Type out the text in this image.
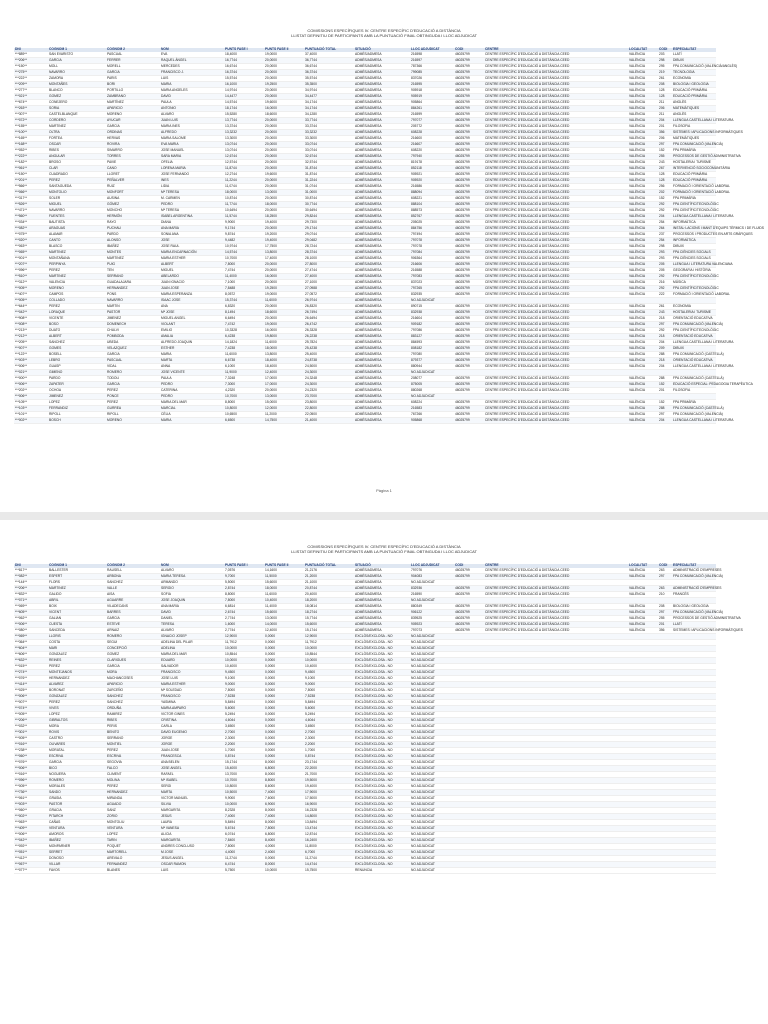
COMISSIONS ESPECÍFIQUES IV. CENTRE ESPECÍFIC D'EDUCACIÓ A DISTÀNCIA
LLISTAT DEFINITIU DE PARTICIPANTS AMB LA PUNTUACIÓ FINAL OBTINGUDA I LLOC ADJUDICAT
DNI	COGNOM 1	COGNOM 2	NOM	PUNTS FASE I	PUNTS FASE II	PUNTUACIÓ TOTAL	SITUACIÓ	LLOC ADJUDICAT	CODI	CENTRE	LOCALITAT	CODI	ESPECIALITAT
***889**	SAN EVARISTO	PASCUAL	EVA	18,4000	19,0000	37,4000	ADMÈS/ADMESA	216598	46025799	CENTRE ESPECÍFIC D'EDUCACIÓ A DISTÀNCIA CEED	VALÈNCIA	203	LLATÍ
***206**	GARCIA	FERRER	RAQUEL ÀNGEL	16,7744	20,0000	36,7744	ADMÈS/ADMESA	216597	46025799	CENTRE ESPECÍFIC D'EDUCACIÓ A DISTÀNCIA CEED	VALÈNCIA	298	DIBUIX
***150**	MOLL	MORELL	MERCEDES	16,6744	20,0000	36,6744	ADMÈS/ADMESA	787366	46025799	CENTRE ESPECÍFIC D'EDUCACIÓ A DISTÀNCIA CEED	VALÈNCIA	295	FPA COMUNICACIÓ (VALENCIÀ/ANGLÈS)
***275**	NAVARRO	GARCIA	FRANCISCO J.	16,3744	20,0000	36,3744	ADMÈS/ADMESA	799085	46025799	CENTRE ESPECÍFIC D'EDUCACIÓ A DISTÀNCIA CEED	VALÈNCIA	219	TECNOLOGIA
***222**	ZAMORA	PARIS	LUIS	15,5744	20,0000	35,5744	ADMÈS/ADMESA	837026	46025799	CENTRE ESPECÍFIC D'EDUCACIÓ A DISTÀNCIA CEED	VALÈNCIA	261	ECONOMIA
***209**	MONTAÑES	BORI	MARIA	16,1000	19,2500	35,3500	ADMÈS/ADMESA	216595	46025799	CENTRE ESPECÍFIC D'EDUCACIÓ A DISTÀNCIA CEED	VALÈNCIA	208	BIOLOGIA I GEOLOGIA
***277**	BLANCO	PORTILLO	MARIA ANGELES	14,9744	20,0000	34,9744	ADMÈS/ADMESA	905918	46025799	CENTRE ESPECÍFIC D'EDUCACIÓ A DISTÀNCIA CEED	VALÈNCIA	128	EDUCACIÓ PRIMÀRIA
***021**	GOMEZ	ZAMBRANO	DAVID	14,4477	20,0000	34,4477	ADMÈS/ADMESA	905919	46025799	CENTRE ESPECÍFIC D'EDUCACIÓ A DISTÀNCIA CEED	VALÈNCIA	128	EDUCACIÓ PRIMÀRIA
***674**	CONEJERO	MARTÍNEZ	PAULA	14,5744	19,6000	34,1744	ADMÈS/ADMESA	905864	46025799	CENTRE ESPECÍFIC D'EDUCACIÓ A DISTÀNCIA CEED	VALÈNCIA	211	ANGLÈS
***263**	SORIA	APARICIO	ANTONIO	18,1744	16,0000	34,1744	ADMÈS/ADMESA	884261	46025799	CENTRE ESPECÍFIC D'EDUCACIÓ A DISTÀNCIA CEED	VALÈNCIA	206	MATEMÀTIQUES
***307**	CASTELBLANQUE	MORENO	ALVARO	15,5280	18,6000	34,1280	ADMÈS/ADMESA	216599	46025799	CENTRE ESPECÍFIC D'EDUCACIÓ A DISTÀNCIA CEED	VALÈNCIA	211	ANGLÈS
***072**	CORDERO	AYUCAR	JUAN LUIS	13,7744	20,0000	33,7744	ADMÈS/ADMESA	797077	46025799	CENTRE ESPECÍFIC D'EDUCACIÓ A DISTÀNCIA CEED	VALÈNCIA	204	LLENGUA CASTELLANA I LITERATURA
***155**	MARTINEZ	GARCIA	MARIA INES	13,3744	20,0000	33,3744	ADMÈS/ADMESA	205772	46025799	CENTRE ESPECÍFIC D'EDUCACIÓ A DISTÀNCIA CEED	VALÈNCIA	201	FILOSOFIA
***100**	OLTRA	ORDINAS	ALFREDO	13,3232	20,0000	33,3232	ADMÈS/ADMESA	608228	46025799	CENTRE ESPECÍFIC D'EDUCACIÓ A DISTÀNCIA CEED	VALÈNCIA	356	SISTEMES I APLICACIONS INFORMÀTIQUES
***165**	FORTEA	HERVAS	MARIA SALOME	13,3000	20,0000	33,3000	ADMÈS/ADMESA	216600	46025799	CENTRE ESPECÍFIC D'EDUCACIÓ A DISTÀNCIA CEED	VALÈNCIA	206	MATEMÀTIQUES
***168**	OSCAR	ROVIRA	EVA MARIA	13,0744	20,0000	33,0744	ADMÈS/ADMESA	216607	46025799	CENTRE ESPECÍFIC D'EDUCACIÓ A DISTÀNCIA CEED	VALÈNCIA	297	FPA COMUNICACIÓ (VALENCIÀ)
***052**	RIBES	SIMARRO	JOSE MANUEL	13,0744	20,0000	33,0744	ADMÈS/ADMESA	608220	46025799	CENTRE ESPECÍFIC D'EDUCACIÓ A DISTÀNCIA CEED	VALÈNCIA	152	FPA PRIMÀRIA
***222**	ANGULAR	TORRES	SARA MARIA	12,6744	20,0000	32,6744	ADMÈS/ADMESA	797940	46025799	CENTRE ESPECÍFIC D'EDUCACIÓ A DISTÀNCIA CEED	VALÈNCIA	255	PROCESSOS DE GESTIÓ ADMINISTRATIVA
***182**	BROSO	PAVIE	OFELIA	12,5744	20,0000	32,5744	ADMÈS/ADMESA	819178	46025799	CENTRE ESPECÍFIC D'EDUCACIÓ A DISTÀNCIA CEED	VALÈNCIA	243	HOSTALERIA I TURISME
***061**	CLAR	CANO	LORENA MARIA	11,8744	20,0000	31,8744	ADMÈS/ADMESA	852118	46025799	CENTRE ESPECÍFIC D'EDUCACIÓ A DISTÀNCIA CEED	VALÈNCIA	267	INTERVENCIÓ SOCIOCOMUNITÀRIA
***150**	CUADRADO	LLORET	JOSE FERNANDO	12,2744	19,6000	31,8744	ADMÈS/ADMESA	905921	46025799	CENTRE ESPECÍFIC D'EDUCACIÓ A DISTÀNCIA CEED	VALÈNCIA	128	EDUCACIÓ PRIMÀRIA
***201**	PEREZ	PEÑALVER	INES	11,2244	20,0000	31,2244	ADMÈS/ADMESA	905920	46025799	CENTRE ESPECÍFIC D'EDUCACIÓ A DISTÀNCIA CEED	VALÈNCIA	128	EDUCACIÓ PRIMÀRIA
***566**	SANTAGUEDA	RUIZ	LIDIA	11,0744	20,0000	31,0744	ADMÈS/ADMESA	216586	46025799	CENTRE ESPECÍFIC D'EDUCACIÓ A DISTÀNCIA CEED	VALÈNCIA	256	FORMACIÓ I ORIENTACIÓ LABORAL
***066**	MONTOLIO	MONFORT	Mª TERESA	18,0000	13,0000	31,0000	ADMÈS/ADMESA	888094	46025799	CENTRE ESPECÍFIC D'EDUCACIÓ A DISTÀNCIA CEED	VALÈNCIA	202	FORMACIÓ I ORIENTACIÓ LABORAL
***317**	SOLER	AUSINA	M. CARMEN	10,8744	20,0000	30,8744	ADMÈS/ADMESA	608221	46025799	CENTRE ESPECÍFIC D'EDUCACIÓ A DISTÀNCIA CEED	VALÈNCIA	152	FPA PRIMÀRIA
***526**	MIGUEL	GÓMEZ	PEDRO	11,7744	18,0000	30,7744	ADMÈS/ADMESA	888104	46025799	CENTRE ESPECÍFIC D'EDUCACIÓ A DISTÀNCIA CEED	VALÈNCIA	292	FPA CIENTÍFIC/TECNOLÒGIC
***471**	NAVARRO	MONCHO	Mª TERESA	10,6494	20,0000	30,6494	ADMÈS/ADMESA	888573	46025799	CENTRE ESPECÍFIC D'EDUCACIÓ A DISTÀNCIA CEED	VALÈNCIA	292	FPA CIENTÍFIC/TECNOLÒGIC
***560**	FUENTES	HERMÓN	ISABEL ARGENTINA	11,5744	18,2500	29,8244	ADMÈS/ADMESA	852767	46025799	CENTRE ESPECÍFIC D'EDUCACIÓ A DISTÀNCIA CEED	VALÈNCIA	204	LLENGUA CASTELLANA I LITERATURA
***034**	BAUTISTA	RAYO	DIANA	9,9000	19,4000	29,7300	ADMÈS/ADMESA	205025	46025799	CENTRE ESPECÍFIC D'EDUCACIÓ A DISTÀNCIA CEED	VALÈNCIA	254	INFORMÀTICA
***082**	ARAGUAS	PUCHAU	ANA MARIA	9,1744	20,0000	29,1744	ADMÈS/ADMESA	884756	46025799	CENTRE ESPECÍFIC D'EDUCACIÓ A DISTÀNCIA CEED	VALÈNCIA	264	INSTAL·LACIONS I MANT D'EQUIPS TÈRMICS I DE FLUIDS
***075**	ALAMAR	PARDO	SONIA ANA	9,8744	19,2000	29,0744	ADMÈS/ADMESA	797494	46025799	CENTRE ESPECÍFIC D'EDUCACIÓ A DISTÀNCIA CEED	VALÈNCIA	237	PROCESSOS I PRODUCTES EN ARTS GRÀFIQUES
***020**	CANTO	ALONSO	JOSE	9,4482	19,4000	29,0482	ADMÈS/ADMESA	797078	46025799	CENTRE ESPECÍFIC D'EDUCACIÓ A DISTÀNCIA CEED	VALÈNCIA	254	INFORMÀTICA
***063**	BLASCO	IBAÑEZ	JOSE RAUL	10,9744	17,7500	28,7244	ADMÈS/ADMESA	797078	46025799	CENTRE ESPECÍFIC D'EDUCACIÓ A DISTÀNCIA CEED	VALÈNCIA	298	DIBUIX
***065**	MARTINEZ	MONTES	MARIA ENCARNACIÓN	14,5744	13,8000	28,3744	ADMÈS/ADMESA	797084	46025799	CENTRE ESPECÍFIC D'EDUCACIÓ A DISTÀNCIA CEED	VALÈNCIA	293	FPA CIÈNCIES SOCIALS
***001**	MONTAÑANA	MARTINEZ	MARIA ESTHER	10,7000	17,4000	28,1000	ADMÈS/ADMESA	906364	46025799	CENTRE ESPECÍFIC D'EDUCACIÓ A DISTÀNCIA CEED	VALÈNCIA	293	FPA CIÈNCIES SOCIALS
***207**	PERPINYA	PUIG	ALBERT	7,8000	20,0000	27,8000	ADMÈS/ADMESA	216606	46025799	CENTRE ESPECÍFIC D'EDUCACIÓ A DISTÀNCIA CEED	VALÈNCIA	205	LLENGUA I LITERATURA VALENCIANA
***096**	PEREZ	TEN	MIGUEL	7,4744	20,0000	27,4744	ADMÈS/ADMESA	216588	46025799	CENTRE ESPECÍFIC D'EDUCACIÓ A DISTÀNCIA CEED	VALÈNCIA	205	GEOGRAFIA I HISTÒRIA
***510**	MARTINEZ	SERRANO	ABELARDO	11,4000	16,0000	27,4000	ADMÈS/ADMESA	797083	46025799	CENTRE ESPECÍFIC D'EDUCACIÓ A DISTÀNCIA CEED	VALÈNCIA	292	FPA CIENTÍFIC/TECNOLÒGIC
***312**	VALENCIA	GUADALAJARA	JUAN IGNACIO	7,1000	20,0000	27,1000	ADMÈS/ADMESA	837023	46025799	CENTRE ESPECÍFIC D'EDUCACIÓ A DISTÀNCIA CEED	VALÈNCIA	216	MÚSICA
***005**	MORENO	HERNANDEZ	JUAN JOSE	7,8488	19,2500	27,0988	ADMÈS/ADMESA	797265	46025799	CENTRE ESPECÍFIC D'EDUCACIÓ A DISTÀNCIA CEED	VALÈNCIA	292	FPA CIENTÍFIC/TECNOLÒGIC
***407**	CAMPOS	PONS	MARIA ESPERANZA	8,0572	19,0000	27,0572	ADMÈS/ADMESA	832935	46025799	CENTRE ESPECÍFIC D'EDUCACIÓ A DISTÀNCIA CEED	VALÈNCIA	222	FORMACIÓ I ORIENTACIÓ LABORAL
***005**	COLLADO	NAVARRO	ISAAC JOSE	15,3744	11,6000	26,9744	ADMÈS/ADMESA	NO ADJUDICAT					
***644**	PEREZ	MARTIN	ANA	6,8320	20,0000	26,8320	ADMÈS/ADMESA	890715	46025799	CENTRE ESPECÍFIC D'EDUCACIÓ A DISTÀNCIA CEED	VALÈNCIA	261	ECONOMIA
***042**	LORAQUE	PASTOR	Mª JOSE	8,1494	18,6000	26,7494	ADMÈS/ADMESA	832938	46025799	CENTRE ESPECÍFIC D'EDUCACIÓ A DISTÀNCIA CEED	VALÈNCIA	243	HOSTALERIA I TURISME
***908**	VICENTE	JIMENEZ	MIGUEL ANGEL	6,6494	20,0000	26,6494	ADMÈS/ADMESA	216604	46025799	CENTRE ESPECÍFIC D'EDUCACIÓ A DISTÀNCIA CEED	VALÈNCIA	218	ORIENTACIÓ EDUCATIVA
***008**	BOSO	DOMENECH	VIOLANT	7,4742	19,0000	26,4742	ADMÈS/ADMESA	909182	46025799	CENTRE ESPECÍFIC D'EDUCACIÓ A DISTÀNCIA CEED	VALÈNCIA	297	FPA COMUNICACIÓ (VALENCIÀ)
***213**	DUATO	CHULVI	EMILIO	10,3328	16,0000	26,3328	ADMÈS/ADMESA	797086	46025799	CENTRE ESPECÍFIC D'EDUCACIÓ A DISTÀNCIA CEED	VALÈNCIA	292	FPA CIENTÍFIC/TECNOLÒGIC
***212**	ALBERT	POMBODA	AMALIA	6,4238	19,8000	26,2238	ADMÈS/ADMESA	883127	46025799	CENTRE ESPECÍFIC D'EDUCACIÓ A DISTÀNCIA CEED	VALÈNCIA	218	ORIENTACIÓ EDUCATIVA
***205**	SANCHEZ	UBEDA	ALFREDO JOAQUIN	14,1824	11,6000	25,7824	ADMÈS/ADMESA	884593	46025799	CENTRE ESPECÍFIC D'EDUCACIÓ A DISTÀNCIA CEED	VALÈNCIA	204	LLENGUA CASTELLANA I LITERATURA
***007**	GOMES	VELAZQUEZ	ESTHER	7,4238	18,0000	25,4238	ADMÈS/ADMESA	808182	46025799	CENTRE ESPECÍFIC D'EDUCACIÓ A DISTÀNCIA CEED	VALÈNCIA	209	DIBUIX
***122**	BOSELL	GARCIA	MARIA	11,6000	13,8000	25,4000	ADMÈS/ADMESA	797080	46025799	CENTRE ESPECÍFIC D'EDUCACIÓ A DISTÀNCIA CEED	VALÈNCIA	288	FPA COMUNICACIÓ (CASTELLÀ)
***003**	LEBRO	PASCUAL	MARTA	6,6738	18,4000	24,8738	ADMÈS/ADMESA	879377	46025799	CENTRE ESPECÍFIC D'EDUCACIÓ A DISTÀNCIA CEED	VALÈNCIA	218	ORIENTACIÓ EDUCATIVA
***006**	GUASP	VIDAL	ANNA	6,1000	18,4000	24,5000	ADMÈS/ADMESA	880944	46025799	CENTRE ESPECÍFIC D'EDUCACIÓ A DISTÀNCIA CEED	VALÈNCIA	204	LLENGUA CASTELLANA I LITERATURA
***021**	GIMENO	ROMERO	JOSE VICENTE	11,9000	12,4000	24,3000	ADMÈS/ADMESA	NO ADJUDICAT					
***000**	PARDO	TODOLI	PAULA	7,3248	17,0000	24,3248	ADMÈS/ADMESA	208077	46025799	CENTRE ESPECÍFIC D'EDUCACIÓ A DISTÀNCIA CEED	VALÈNCIA	288	FPA COMUNICACIÓ (CASTELLÀ)
***006**	ZAPATER	GARCIA	PEDRO	7,3000	17,0000	24,3000	ADMÈS/ADMESA	875005	46025799	CENTRE ESPECÍFIC D'EDUCACIÓ A DISTÀNCIA CEED	VALÈNCIA	152	EDUCACIÓ ESPECIAL: PEDAGOGIA TERAPÈUTICA
***202**	OCHOA	PEREZ	CATERINA	4,2320	20,0000	24,2320	ADMÈS/ADMESA	880268	46025799	CENTRE ESPECÍFIC D'EDUCACIÓ A DISTÀNCIA CEED	VALÈNCIA	201	FILOSOFIA
***006**	JIMENEZ	PONCE	PEDRO	10,7000	13,0000	23,7000	ADMÈS/ADMESA	NO ADJUDICAT					
***105**	LOPEZ	PEREZ	MARIA DEL MAR	8,8000	15,0000	23,8000	ADMÈS/ADMESA	608224	46025799	CENTRE ESPECÍFIC D'EDUCACIÓ A DISTÀNCIA CEED	VALÈNCIA	152	FPA PRIMÀRIA
***103**	FERRANDIZ	GURREA	MARCIAL	10,8000	12,0000	22,8000	ADMÈS/ADMESA	216583	46025799	CENTRE ESPECÍFIC D'EDUCACIÓ A DISTÀNCIA CEED	VALÈNCIA	288	FPA COMUNICACIÓ (CASTELLÀ)
***101**	RIPOLL	RIPOLL	CÈLIA	10,6500	11,2000	22,0500	ADMÈS/ADMESA	767266	46025799	CENTRE ESPECÍFIC D'EDUCACIÓ A DISTÀNCIA CEED	VALÈNCIA	297	FPA COMUNICACIÓ (VALENCIÀ)
***002**	BOSCH	MORENO	MARIA	6,6500	14,7500	21,4000	ADMÈS/ADMESA	905868	46025799	CENTRE ESPECÍFIC D'EDUCACIÓ A DISTÀNCIA CEED	VALÈNCIA	204	LLENGUA CASTELLANA I LITERATURA
Pàgina 1
COMISSIONS ESPECÍFIQUES IV. CENTRE ESPECÍFIC D'EDUCACIÓ A DISTÀNCIA
LLISTAT DEFINITIU DE PARTICIPANTS AMB LA PUNTUACIÓ FINAL OBTINGUDA I LLOC ADJUDICAT
DNI	COGNOM 1	COGNOM 2	NOM	PUNTS FASE I	PUNTS FASE II	PUNTUACIÓ TOTAL	SITUACIÓ	LLOC ADJUDICAT	CODI	CENTRE	LOCALITAT	CODI	ESPECIALITAT
***817**	BALLESTER	RAUSELL	ALVARO	7,0576	14,1600	21,2176	ADMÈS/ADMESA	797076	46025799	CENTRE ESPECÍFIC D'EDUCACIÓ A DISTÀNCIA CEED	VALÈNCIA	263	ADMINISTRACIÓ D'EMPRESES
***082**	ESPERT	ARBONA	MARIA TERESA	9,7000	11,5000	21,2000	ADMÈS/ADMESA	904083	46025799	CENTRE ESPECÍFIC D'EDUCACIÓ A DISTÀNCIA CEED	VALÈNCIA	297	FPA COMUNICACIÓ (VALENCIÀ)
***144**	FLORS	SANCHEZ	ARMANDO	5,5000	15,6000	21,1000	ADMÈS/ADMESA	NO ADJUDICAT					
***206**	MARTINEZ	VALLE	SERGIO	2,8744	18,0000	20,8744	ADMÈS/ADMESA	832936	46025799	CENTRE ESPECÍFIC D'EDUCACIÓ A DISTÀNCIA CEED	VALÈNCIA	263	ADMINISTRACIÓ D'EMPRESES
***832**	GALIDO	AISA	SOFIA	8,8000	11,6000	20,4000	ADMÈS/ADMESA	216590	46025799	CENTRE ESPECÍFIC D'EDUCACIÓ A DISTÀNCIA CEED	VALÈNCIA	210	FRANCÈS
***071**	ABRIL	AGUARRE	JOSE JOAQUIN	7,8000	10,4000	18,2000	ADMÈS/ADMESA	NO ADJUDICAT					
***069**	BOIX	VILADECANS	ANA MARIA	6,6814	11,4000	18,0814	ADMÈS/ADMESA	880349	46025799	CENTRE ESPECÍFIC D'EDUCACIÓ A DISTÀNCIA CEED	VALÈNCIA	208	BIOLOGIA I GEOLOGIA
***605**	VICENT	BARRES	DAVID	2,6744	15,6000	18,2744	ADMÈS/ADMESA	906122	46025799	CENTRE ESPECÍFIC D'EDUCACIÓ A DISTÀNCIA CEED	VALÈNCIA	297	FPA COMUNICACIÓ (VALENCIÀ)
***062**	GALIAN	GARCIA	DANIEL	2,7744	13,0000	15,7744	ADMÈS/ADMESA	839525	46025799	CENTRE ESPECÍFIC D'EDUCACIÓ A DISTÀNCIA CEED	VALÈNCIA	255	PROCESSOS DE GESTIÓ ADMINISTRATIVA
***006**	CUESTA	ESTEVE	TERESA	1,6000	14,0000	15,6000	ADMÈS/ADMESA	905923	46025799	CENTRE ESPECÍFIC D'EDUCACIÓ A DISTÀNCIA CEED	VALÈNCIA	201	LLATÍ
***080**	SANCEDA	ARNAIZ	ALVARO	2,7744	12,4000	15,1744	ADMÈS/ADMESA	797073	46025799	CENTRE ESPECÍFIC D'EDUCACIÓ A DISTÀNCIA CEED	VALÈNCIA	356	SISTEMES I APLICACIONS INFORMÀTIQUES
***069**	LLORIS	ROMERO	IGNACIO JOSEP	12,9000	0,0000	12,9000	EXCLÒS/EXCLOSA - NO	NO ADJUDICAT					
***364**	COSTA	SEGUI	ADELINA DEL PILAR	11,7912	0,0000	11,7912	EXCLÒS/EXCLOSA - NO	NO ADJUDICAT					
***604**	MARI	CONCEPCIÓ	ADELINA	10,0000	0,0000	10,0000	EXCLÒS/EXCLOSA - NO	NO ADJUDICAT					
***606**	GONZALEZ	GOMEZ	MARIA DEL MAR	10,8544	0,0000	10,8544	EXCLÒS/EXCLOSA - NO	NO ADJUDICAT					
***632**	REINES	CLARIGUES	EDUARD	10,0000	0,0000	10,0000	EXCLÒS/EXCLOSA - NO	NO ADJUDICAT					
***015**	PEREZ	GARCIA	SALVADOR	10,4000	0,0000	10,4000	EXCLÒS/EXCLOSA - NO	NO ADJUDICAT					
***274**	MONTEJANOS	MORA	FRANCISCO	9,4500	0,0000	9,4500	EXCLÒS/EXCLOSA - NO	NO ADJUDICAT					
***076**	HERNANDEZ	MACHANCOSES	JOSE LUIS	9,1000	0,0000	9,1000	EXCLÒS/EXCLOSA - NO	NO ADJUDICAT					
***414**	ALVAREZ	APARICIO	MARIA ESTHER	9,0000	0,0000	9,0000	EXCLÒS/EXCLOSA - NO	NO ADJUDICAT					
***025**	BORONAT	ZARCEÑO	Mª SOLEDAD	7,8000	0,0000	7,8000	EXCLÒS/EXCLOSA - NO	NO ADJUDICAT					
***006**	GONZALEZ	SANCHEZ	FRANCISCO	7,5238	0,0000	7,5238	EXCLÒS/EXCLOSA - NO	NO ADJUDICAT					
***007**	PEREZ	SANCHEZ	YASMINA	5,8494	0,0000	5,8494	EXCLÒS/EXCLOSA - NO	NO ADJUDICAT					
***074**	VIVES	ORDUÑA	MARIA AMPARO	5,6000	0,0000	5,6000	EXCLÒS/EXCLOSA - NO	NO ADJUDICAT					
***005**	LOPEZ	RAMIREZ	VICTOR GINES	5,2494	0,0000	5,2494	EXCLÒS/EXCLOSA - NO	NO ADJUDICAT					
***206**	GIBRALTOS	RIBES	CRISTINA	4,6044	0,0000	4,6044	EXCLÒS/EXCLOSA - NO	NO ADJUDICAT					
***032**	MORA	PERIS	CARLA	3,6500	0,0000	3,6500	EXCLÒS/EXCLOSA - NO	NO ADJUDICAT					
***301**	ROVIS	BENITO	DAVID EUGENIO	2,7000	0,0000	2,7000	EXCLÒS/EXCLOSA - NO	NO ADJUDICAT					
***005**	CASTRO	SERRANO	JORGE	2,3000	0,0000	2,3000	EXCLÒS/EXCLOSA - NO	NO ADJUDICAT					
***016**	OLIVARES	MONTIEL	JORGE	2,2000	0,0000	2,2000	EXCLÒS/EXCLOSA - NO	NO ADJUDICAT					
***238**	MORATAL	PEREZ	JUAN JOSE	1,7000	0,0000	1,7000	EXCLÒS/EXCLOSA - NO	NO ADJUDICAT					
***060**	ESCRIVA	ESCRIVA	FRANCESCA	0,8744	0,0000	0,8744	EXCLÒS/EXCLOSA - NO	NO ADJUDICAT					
***076**	GARCIA	SEGOVIA	ANA BELEN	15,1744	8,0000	23,1744	EXCLÒS/EXCLOSA - NO	NO ADJUDICAT					
***006**	BICO	FALCO	JOSE ANGEL	15,4000	6,8000	22,2000	EXCLÒS/EXCLOSA - NO	NO ADJUDICAT					
***016**	NOGUERA	CLIMENT	RAFAEL	13,7000	8,0000	21,7000	EXCLÒS/EXCLOSA - NO	NO ADJUDICAT					
***096**	ROMERO	MOLINA	Mª ISABEL	10,7000	8,8000	19,5000	EXCLÒS/EXCLOSA - NO	NO ADJUDICAT					
***005**	MORALES	PEREZ	SERGI	10,8000	8,6000	19,4000	EXCLÒS/EXCLOSA - NO	NO ADJUDICAT					
***736**	SANDO	HERNANDEZ	MARTA	10,5000	7,4000	17,9000	EXCLÒS/EXCLOSA - NO	NO ADJUDICAT					
***061**	GRASIA	MIRANDA	VICTOR MANUEL	9,9000	7,6000	17,5000	EXCLÒS/EXCLOSA - NO	NO ADJUDICAT					
***003**	PASTOR	AGUADO	SILVIA	10,0000	6,9000	16,9000	EXCLÒS/EXCLOSA - NO	NO ADJUDICAT					
***060**	GRACIA	SANZ	MARGARITA	8,2328	8,0000	16,2328	EXCLÒS/EXCLOSA - NO	NO ADJUDICAT					
***002**	PITARCH	ZORIO	JESUS	7,4000	7,4000	14,8000	EXCLÒS/EXCLOSA - NO	NO ADJUDICAT					
***063**	CAÑAS	MONTOLIU	LAURA	5,8494	8,0000	13,8494	EXCLÒS/EXCLOSA - NO	NO ADJUDICAT					
***409**	VENTURA	VENTURA	Mª VANESA	5,6744	7,8000	13,4744	EXCLÒS/EXCLOSA - NO	NO ADJUDICAT					
***006**	AMOROS	LOPEZ	ALICIA	6,0744	6,8000	12,8744	EXCLÒS/EXCLOSA - NO	NO ADJUDICAT					
***042**	IBAÑEZ	TARIN	MARGARITA	7,8400	8,4000	16,2400	EXCLÒS/EXCLOSA - NO	NO ADJUDICAT					
***092**	MONPARNER	POQUET	ANDRES CONCLUSO	7,8000	4,0000	11,8000	EXCLÒS/EXCLOSA - NO	NO ADJUDICAT					
***051**	SERRET	MARTORELL	M JOSE	4,4000	2,4000	6,7000	EXCLÒS/EXCLOSA - NO	NO ADJUDICAT					
***412**	DONOSO	AREVALO	JESUS ANGEL	11,2744	0,0000	11,2744	EXCLÒS/EXCLOSA - NO	NO ADJUDICAT					
***067**	VILLAR	FERNANDEZ	OSCAR RAMON	6,4744	8,0000	14,4744	EXCLÒS/EXCLOSA - NO	NO ADJUDICAT					
***077**	FAVOS	BLANES	LUIS	5,7500	10,0000	15,7500	RENUNCIA	NO ADJUDICAT					
